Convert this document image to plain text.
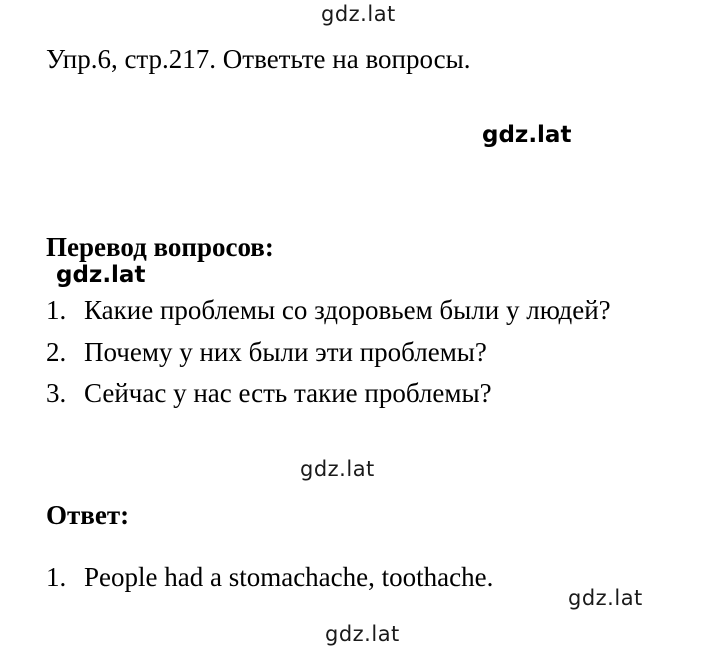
gdz.lat
gdz.lat
gdz.lat
gdz.lat
gdz.lat
gdz.lat
Упр.6, стр.217. Ответьте на вопросы.
Перевод вопросов:
1. Какие проблемы со здоровьем были у людей?
2. Почему у них были эти проблемы?
3. Сейчас у нас есть такие проблемы?
Ответ:
1. People had a stomachache, toothache.
